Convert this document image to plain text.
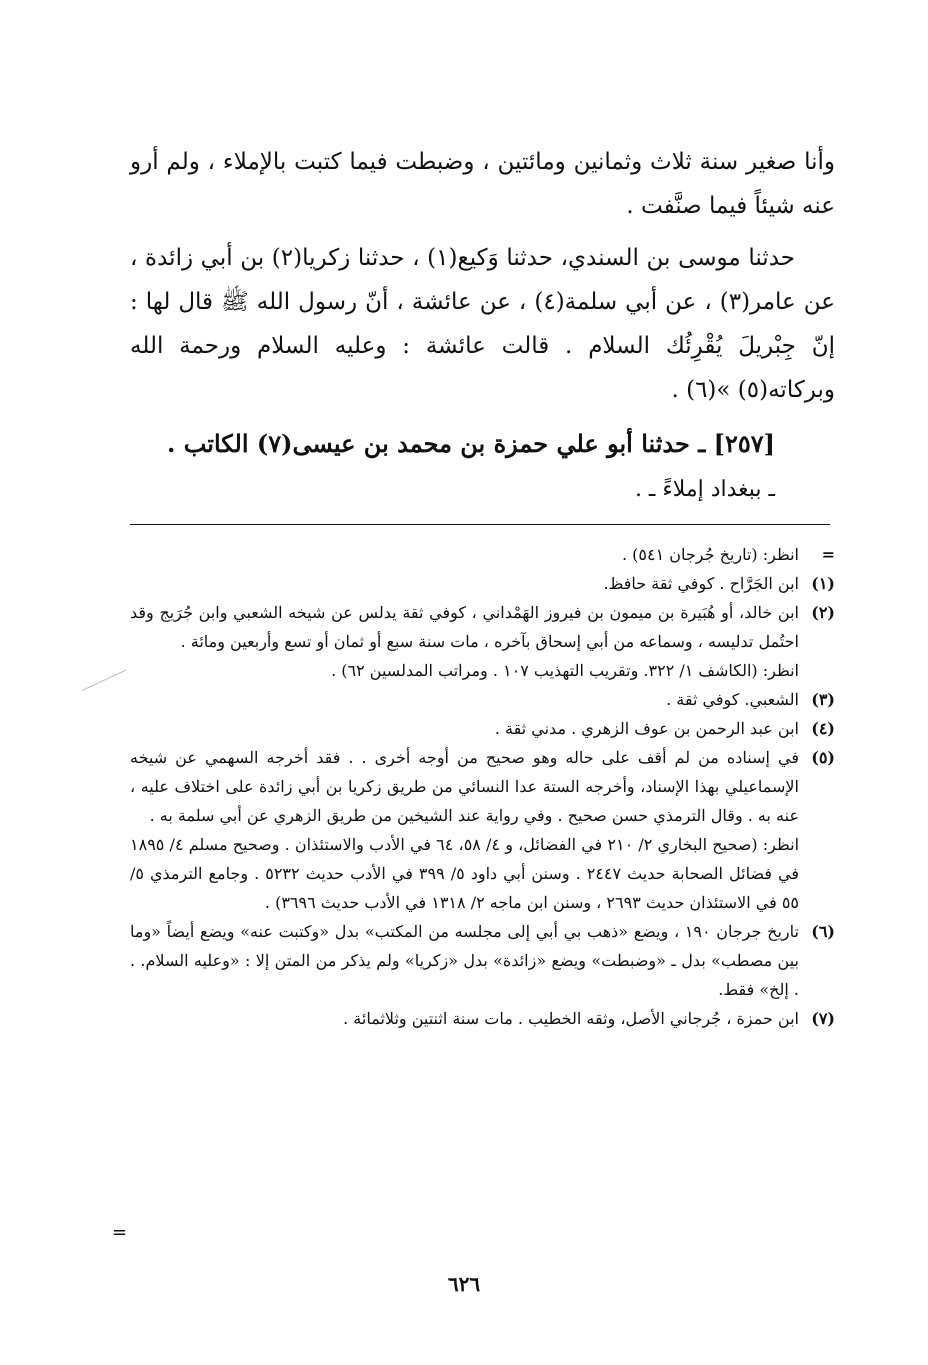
وأنا صغير سنة ثلاث وثمانين ومائتين ، وضبطت فيما كتبت بالإملاء ، ولم أرو عنه شيئاً فيما صنَّفت .

حدثنا موسى بن السندي، حدثنا وَكيع(١) ، حدثنا زكريا(٢) بن أبي زائدة ، عن عامر(٣) ، عن أبي سلمة(٤) ، عن عائشة ، أنّ رسول الله ﷺ قال لها : إنّ جِبْريلَ يُقْرِئُك السلام . قالت عائشة : وعليه السلام ورحمة الله وبركاته(٥) »(٦) .

[٢٥٧] ـ حدثنا أبو علي حمزة بن محمد بن عيسى(٧) الكاتب .

ـ ببغداد إملاءً ـ .

=
انظر: (تاريخ جُرجان ٥٤١) .
(١)
ابن الجَرَّاح . كوفي ثقة حافظ.
(٢)
ابن خالد، أو هُبَيرة بن ميمون بن فيروز الهَمْداني ، كوفي ثقة يدلس عن شيخه الشعبي وابن جُرَيج وقد احتُمل تدليسه ، وسماعه من أبي إسحاق بآخره ، مات سنة سبع أو ثمان أو تسع وأربعين ومائة .

انظر: (الكاشف ١/ ٣٢٢. وتقريب التهذيب ١٠٧ . ومراتب المدلسين ٦٢) .

(٣)
الشعبي. كوفي ثقة .
(٤)
ابن عبد الرحمن بن عوف الزهري . مدني ثقة .
(٥)
في إسناده من لم أقف على حاله وهو صحيح من أوجه أخرى . . فقد أخرجه السهمي عن شيخه الإسماعيلي بهذا الإسناد، وأخرجه الستة عدا النسائي من طريق زكريا بن أبي زائدة على اختلاف عليه ، عنه به . وقال الترمذي حسن صحيح . وفي رواية عند الشيخين من طريق الزهري عن أبي سلمة به .

انظر: (صحيح البخاري ٢/ ٢١٠ في الفضائل، و ٤/ ٥٨، ٦٤ في الأدب والاستئذان . وصحيح مسلم ٤/ ١٨٩٥ في فضائل الصحابة حديث ٢٤٤٧ . وسنن أبي داود ٥/ ٣٩٩ في الأدب حديث ٥٢٣٢ . وجامع الترمذي ٥/ ٥٥ في الاستئذان حديث ٢٦٩٣ ، وسنن ابن ماجه ٢/ ١٣١٨ في الأدب حديث ٣٦٩٦) .

(٦)
تاريخ جرجان ١٩٠ ، ويضع «ذهب بي أبي إلى مجلسه من المكتب» بدل «وكتبت عنه» ويضع أيضاً «وما بين مصطب» بدل ـ «وضبطت» ويضع «زائدة» بدل «زكريا» ولم يذكر من المتن إلا : «وعليه السلام. . . إلخ» فقط.
(٧)
ابن حمزة ، جُرجاني الأصل، وثقه الخطيب . مات سنة اثنتين وثلاثمائة .
=
٦٢٦
